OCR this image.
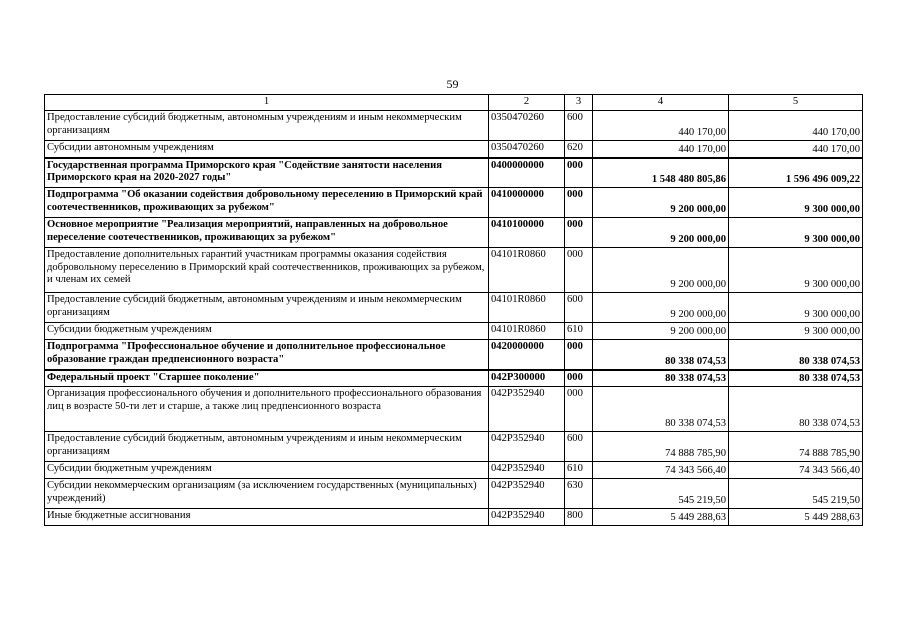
59
1	2	3	4	5
Предоставление субсидий бюджетным, автономным учреждениям и иным некоммерческим организациям	0350470260	600	440 170,00	440 170,00
Субсидии автономным учреждениям	0350470260	620	440 170,00	440 170,00
Государственная программа Приморского края "Содействие занятости населения Приморского края на 2020-2027 годы"	0400000000	000	1 548 480 805,86	1 596 496 009,22
Подпрограмма "Об оказании содействия добровольному переселению в Приморский край соотечественников, проживающих за рубежом"	0410000000	000	9 200 000,00	9 300 000,00
Основное мероприятие "Реализация мероприятий, направленных на добровольное переселение соотечественников, проживающих за рубежом"	0410100000	000	9 200 000,00	9 300 000,00
Предоставление дополнительных гарантий участникам программы оказания содействия добровольному переселению в Приморский край соотечественников, проживающих за рубежом, и членам их семей	04101R0860	000	9 200 000,00	9 300 000,00
Предоставление субсидий бюджетным, автономным учреждениям и иным некоммерческим организациям	04101R0860	600	9 200 000,00	9 300 000,00
Субсидии бюджетным учреждениям	04101R0860	610	9 200 000,00	9 300 000,00
Подпрограмма "Профессиональное обучение и дополнительное профессиональное образование граждан предпенсионного возраста"	0420000000	000	80 338 074,53	80 338 074,53
Федеральный проект "Старшее поколение"	042P300000	000	80 338 074,53	80 338 074,53
Организация профессионального обучения и дополнительного профессионального образования лиц в возрасте 50-ти лет и старше, а также лиц предпенсионного возраста	042P352940	000	80 338 074,53	80 338 074,53
Предоставление субсидий бюджетным, автономным учреждениям и иным некоммерческим организациям	042P352940	600	74 888 785,90	74 888 785,90
Субсидии бюджетным учреждениям	042P352940	610	74 343 566,40	74 343 566,40
Субсидии некоммерческим организациям (за исключением государственных (муниципальных) учреждений)	042P352940	630	545 219,50	545 219,50
Иные бюджетные ассигнования	042P352940	800	5 449 288,63	5 449 288,63
